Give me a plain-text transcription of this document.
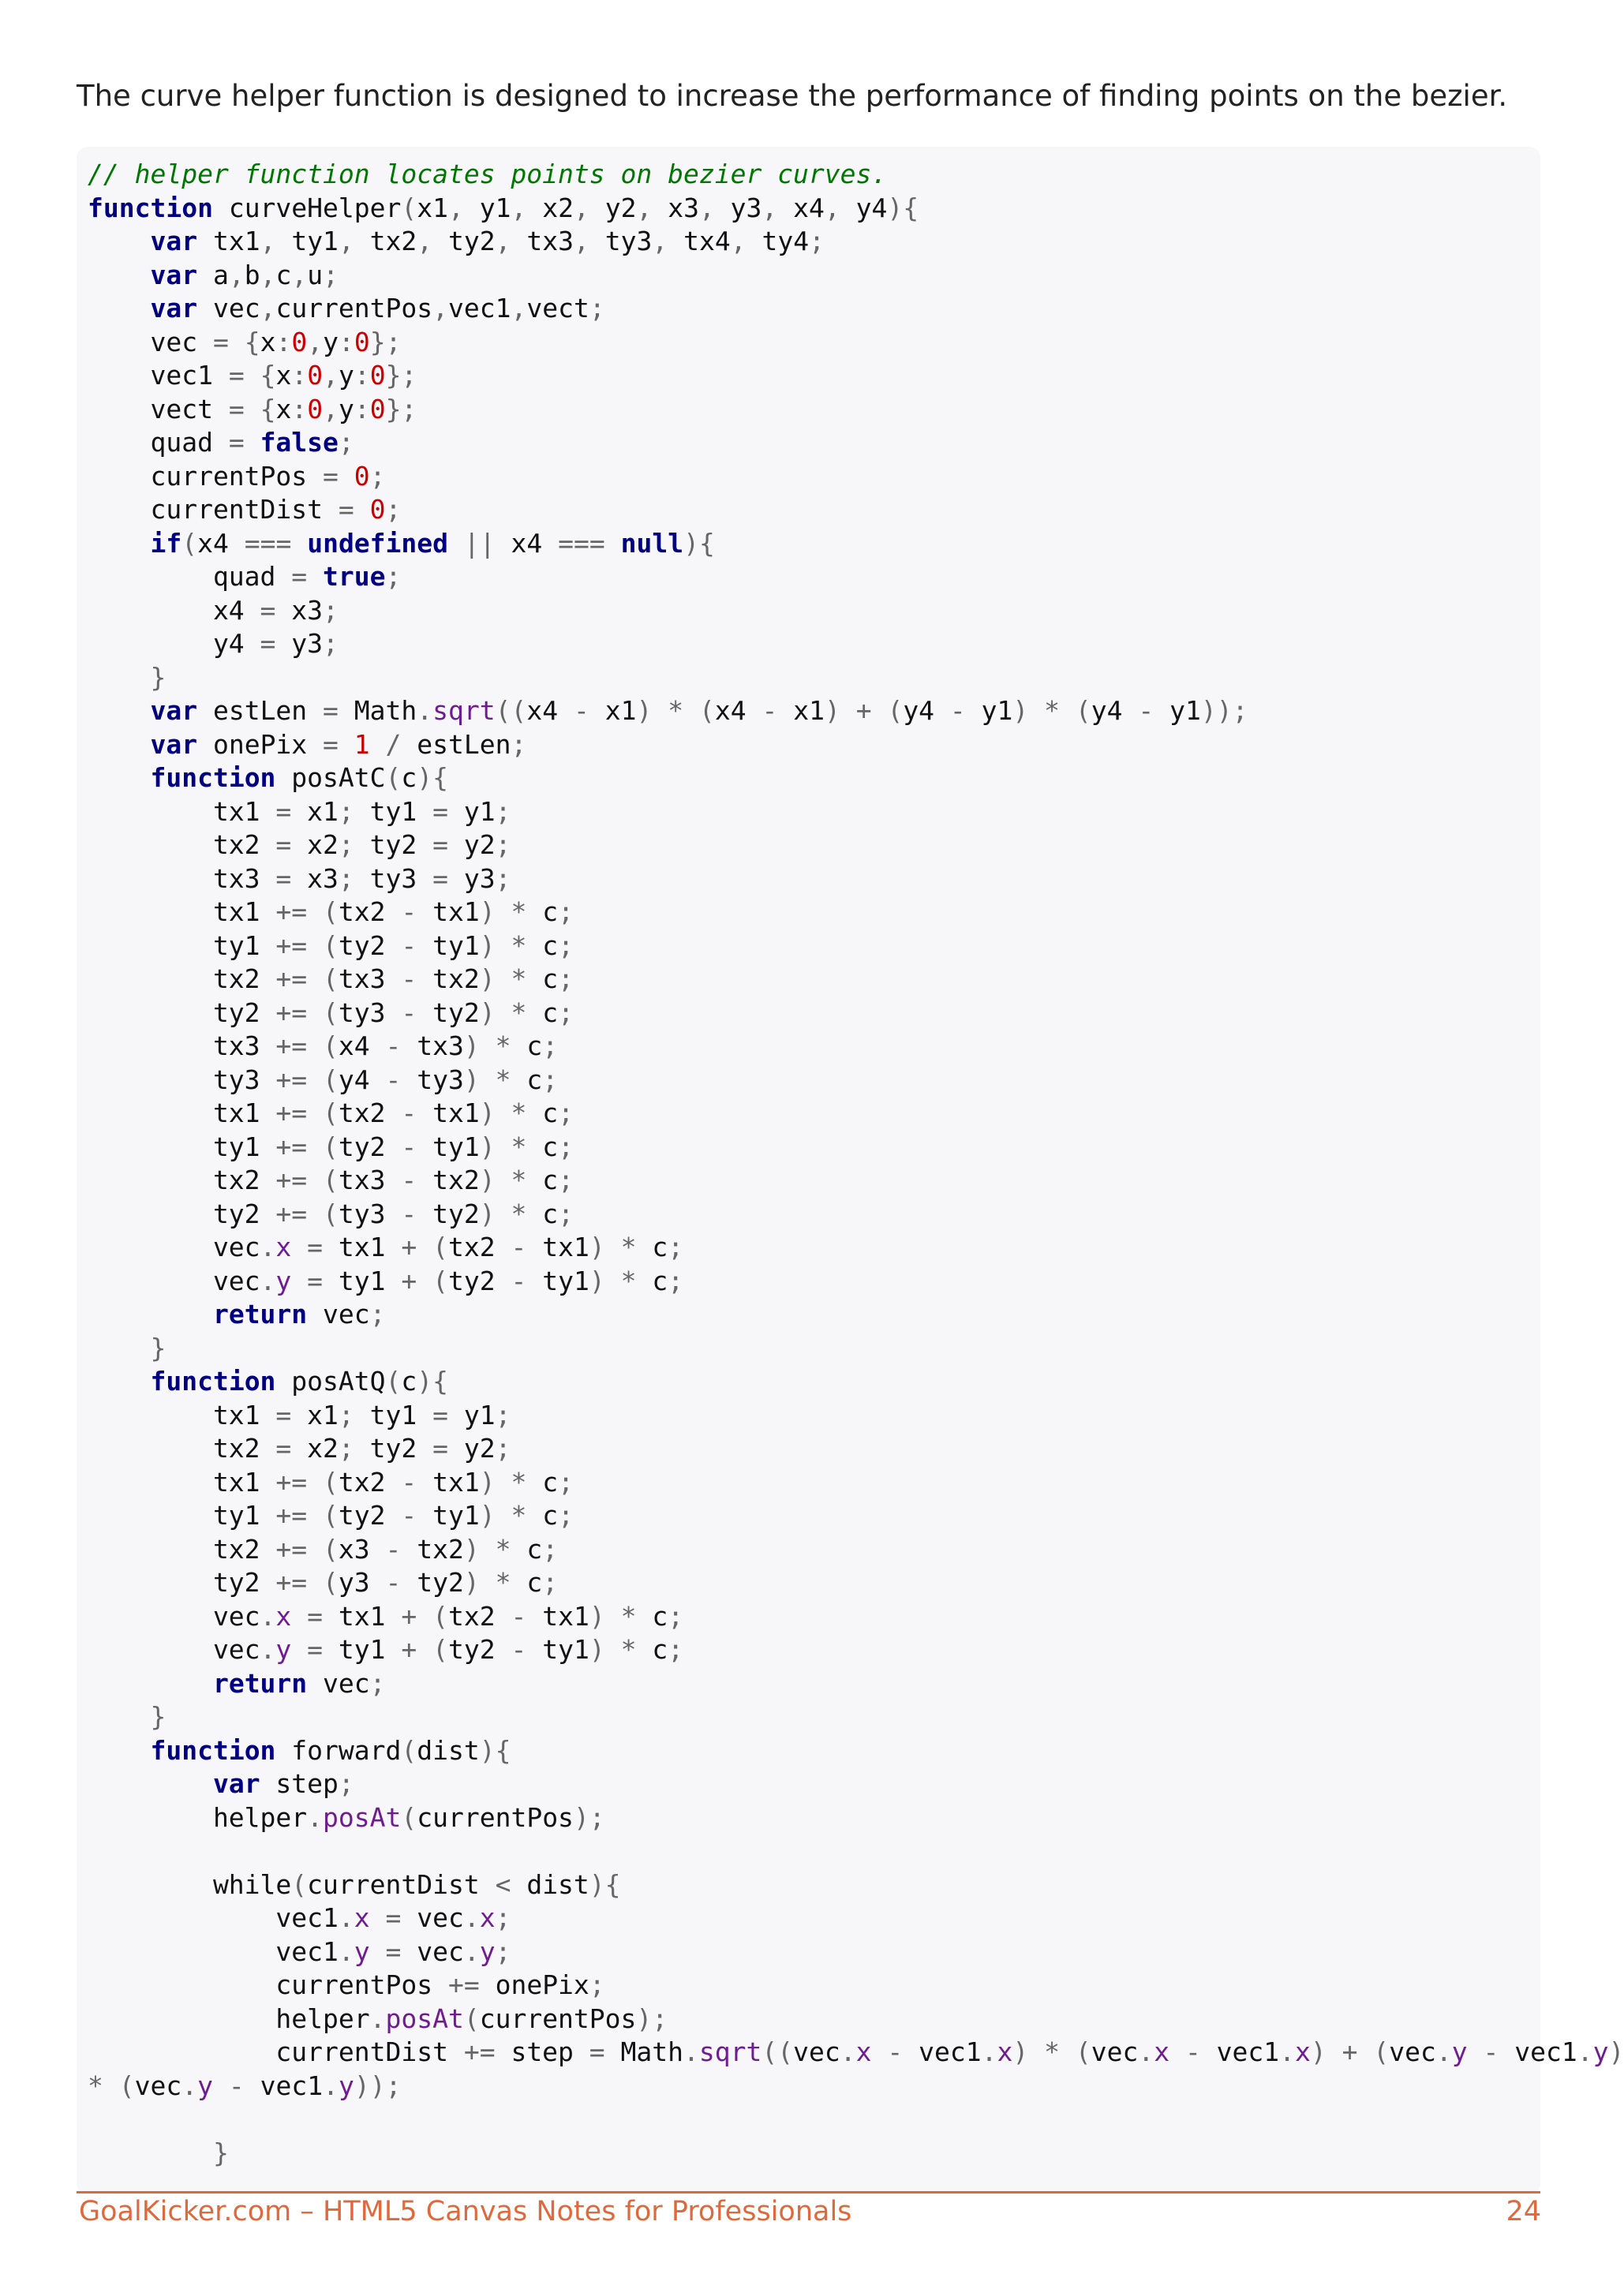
The curve helper function is designed to increase the performance of finding points on the bezier.
// helper function locates points on bezier curves.
function curveHelper(x1, y1, x2, y2, x3, y3, x4, y4){
var tx1, ty1, tx2, ty2, tx3, ty3, tx4, ty4;
var a,b,c,u;
var vec,currentPos,vec1,vect;
vec = {x:0,y:0};
vec1 = {x:0,y:0};
vect = {x:0,y:0};
quad = false;
currentPos = 0;
currentDist = 0;
if(x4 === undefined || x4 === null){
quad = true;
x4 = x3;
y4 = y3;
}
var estLen = Math.sqrt((x4 - x1) * (x4 - x1) + (y4 - y1) * (y4 - y1));
var onePix = 1 / estLen;
function posAtC(c){
tx1 = x1; ty1 = y1;
tx2 = x2; ty2 = y2;
tx3 = x3; ty3 = y3;
tx1 += (tx2 - tx1) * c;
ty1 += (ty2 - ty1) * c;
tx2 += (tx3 - tx2) * c;
ty2 += (ty3 - ty2) * c;
tx3 += (x4 - tx3) * c;
ty3 += (y4 - ty3) * c;
tx1 += (tx2 - tx1) * c;
ty1 += (ty2 - ty1) * c;
tx2 += (tx3 - tx2) * c;
ty2 += (ty3 - ty2) * c;
vec.x = tx1 + (tx2 - tx1) * c;
vec.y = ty1 + (ty2 - ty1) * c;
return vec;
}
function posAtQ(c){
tx1 = x1; ty1 = y1;
tx2 = x2; ty2 = y2;
tx1 += (tx2 - tx1) * c;
ty1 += (ty2 - ty1) * c;
tx2 += (x3 - tx2) * c;
ty2 += (y3 - ty2) * c;
vec.x = tx1 + (tx2 - tx1) * c;
vec.y = ty1 + (ty2 - ty1) * c;
return vec;
}
function forward(dist){
var step;
helper.posAt(currentPos);

while(currentDist < dist){
vec1.x = vec.x;
vec1.y = vec.y;
currentPos += onePix;
helper.posAt(currentPos);
currentDist += step = Math.sqrt((vec.x - vec1.x) * (vec.x - vec1.x) + (vec.y - vec1.y)
* (vec.y - vec1.y));

}
GoalKicker.com – HTML5 Canvas Notes for Professionals	24
